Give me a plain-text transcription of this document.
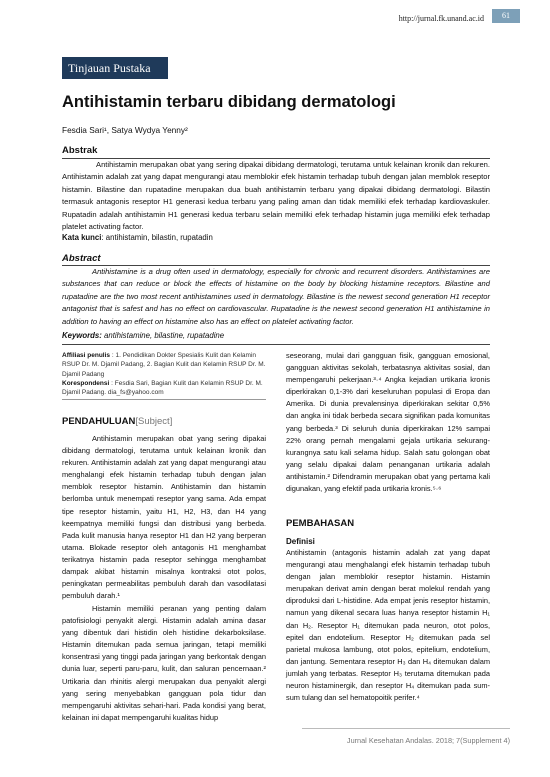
http://jurnal.fk.unand.ac.id	61
Tinjauan Pustaka
Antihistamin terbaru dibidang dermatologi
Fesdia Sari¹, Satya Wydya Yenny²
Abstrak
Antihistamin merupakan obat yang sering dipakai dibidang dermatologi, terutama untuk kelainan kronik dan rekuren. Antihistamin adalah zat yang dapat mengurangi atau memblokir efek histamin terhadap tubuh dengan jalan memblok reseptor histamin. Bilastine dan rupatadine merupakan dua buah antihistamin terbaru yang dipakai dibidang dermatologi. Bilastin termasuk antagonis reseptor H1 generasi kedua terbaru yang paling aman dan tidak memiliki efek terhadap kardiovaskuler. Rupatadin adalah antihistamin H1 generasi kedua terbaru selain memiliki efek terhadap histamin juga memiliki efek terhadap platelet activating factor.
Kata kunci: antihistamin, bilastin, rupatadin
Abstract
Antihistamine is a drug often used in dermatology, especially for chronic and recurrent disorders. Antihistamines are substances that can reduce or block the effects of histamine on the body by blocking histamine receptors. Bilastine and rupatadine are the two most recent antihistamines used in dermatology. Bilastine is the newest second generation H1 receptor antagonist that is safest and has no effect on cardiovascular. Rupatadine is the newest second generation H1 antihistamine in addition to having an effect on histamine also has an effect on platelet activating factor.
Keywords: antihistamine, bilastine, rupatadine
Affiliasi penulis : 1. Pendidikan Dokter Spesialis Kulit dan Kelamin RSUP Dr. M. Djamil Padang, 2. Bagian Kulit dan Kelamin RSUP Dr. M. Djamil Padang
Korespondensi : Fesdia Sari, Bagian Kulit dan Kelamin RSUP Dr. M. Djamil Padang. dia_fs@yahoo.com
PENDAHULUAN[Subject]
Antihistamin merupakan obat yang sering dipakai dibidang dermatologi, terutama untuk kelainan kronik dan rekuren. Antihistamin adalah zat yang dapat mengurangi atau menghalangi efek histamin terhadap tubuh dengan jalan memblok reseptor histamin. Antihistamin dan histamin berlomba untuk menempati reseptor yang sama. Ada empat tipe reseptor histamin, yaitu H1, H2, H3, dan H4 yang keempatnya memiliki fungsi dan distribusi yang berbeda. Pada kulit manusia hanya reseptor H1 dan H2 yang berperan utama. Blokade reseptor oleh antagonis H1 menghambat terikatnya histamin pada reseptor sehingga menghambat dampak akibat histamin misalnya kontraksi otot polos, peningkatan permeabilitas pembuluh darah dan vasodilatasi pembuluh darah.¹
Histamin memiliki peranan yang penting dalam patofisiologi penyakit alergi. Histamin adalah amina dasar yang dibentuk dari histidin oleh histidine dekarboksilase. Histamin ditemukan pada semua jaringan, tetapi memiliki konsentrasi yang tinggi pada jaringan yang berkontak dengan dunia luar, seperti paru-paru, kulit, dan saluran pencernaan.² Urtikaria dan rhinitis alergi merupakan dua penyakit alergi yang sering menyebabkan gangguan pola tidur dan mempengaruhi aktivitas sehari-hari. Pada kondisi yang berat, kelainan ini dapat mempengaruhi kualitas hidup
seseorang, mulai dari gangguan fisik, gangguan emosional, gangguan aktivitas sekolah, terbatasnya aktivitas sosial, dan mempengaruhi pekerjaan.³·⁴ Angka kejadian urtikaria kronis diperkirakan 0,1-3% dari keseluruhan populasi di Eropa dan Amerika. Di dunia prevalensinya diperkirakan sekitar 0,5% dan angka ini tidak berbeda secara signifikan pada komunitas yang berbeda.³ Di seluruh dunia diperkirakan 12% sampai 22% orang pernah mengalami gejala urtikaria sekurang-kurangnya satu kali selama hidup. Salah satu golongan obat yang selalu dipakai dalam penanganan urtikaria adalah antihistamin.² Difendramin merupakan obat yang pertama kali digunakan, yang efektif pada urtikaria kronis.⁵·⁶
PEMBAHASAN
Definisi
Antihistamin (antagonis histamin adalah zat yang dapat mengurangi atau menghalangi efek histamin terhadap tubuh dengan jalan memblokir reseptor histamin. Histamin merupakan derivat amin dengan berat molekul rendah yang diproduksi dari L-histidine. Ada empat jenis reseptor histamin, namun yang dikenal secara luas hanya reseptor histamin H₁ dan H₂. Reseptor H₁ ditemukan pada neuron, otot polos, epitel dan endotelium. Reseptor H₂ ditemukan pada sel parietal mukosa lambung, otot polos, epitelium, endotelium, dan jantung. Sementara reseptor H₃ dan H₄ ditemukan dalam jumlah yang terbatas. Reseptor H₃ terutama ditemukan pada neuron histaminergik, dan reseptor H₄ ditemukan pada sum-sum tulang dan sel hematopoitik perifer.⁴
Jurnal Kesehatan Andalas. 2018; 7(Supplement 4)
